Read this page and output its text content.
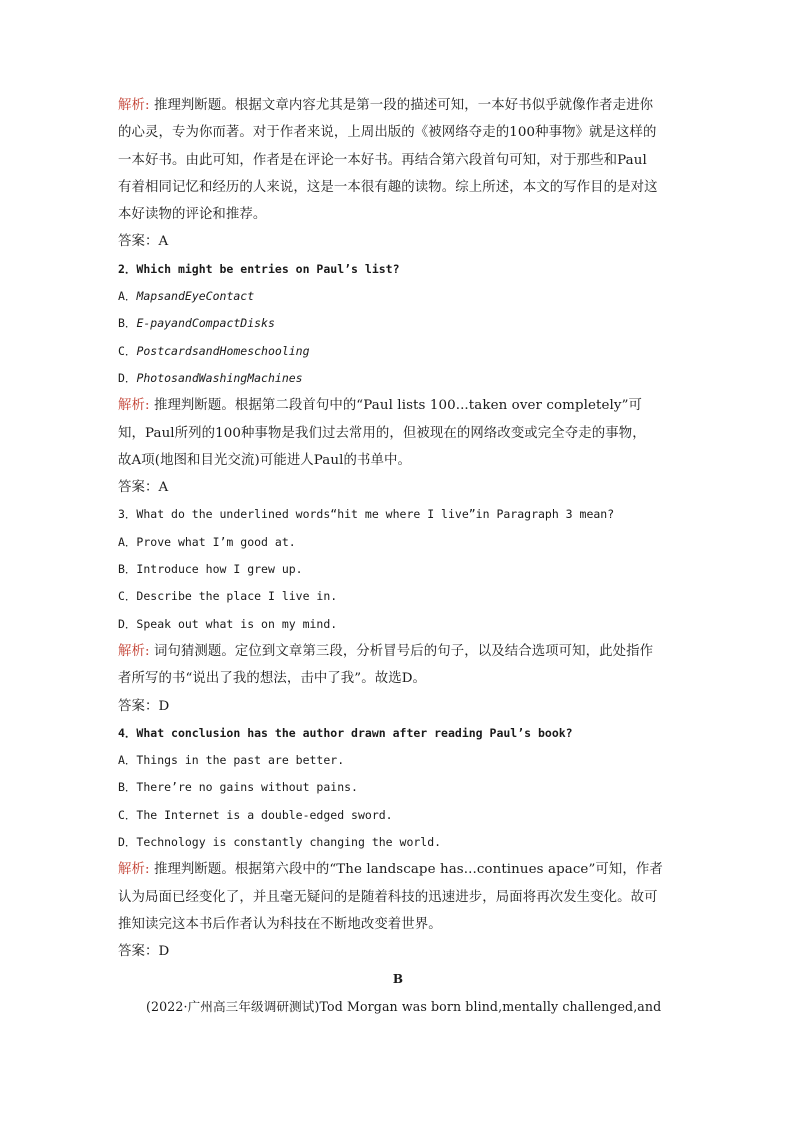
解析: 推理判断题。根据文章内容尤其是第一段的描述可知，一本好书似乎就像作者走进你
的心灵，专为你而著。对于作者来说，上周出版的《被网络夺走的100种事物》就是这样的
一本好书。由此可知，作者是在评论一本好书。再结合第六段首句可知，对于那些和Paul
有着相同记忆和经历的人来说，这是一本很有趣的读物。综上所述，本文的写作目的是对这
本好读物的评论和推荐。
答案：A
2．Which might be entries on Paul’s list?
A．MapsandEyeContact
B．E-payandCompactDisks
C．PostcardsandHomeschooling
D．PhotosandWashingMachines
解析: 推理判断题。根据第二段首句中的“Paul lists 100...taken over completely”可
知，Paul所列的100种事物是我们过去常用的，但被现在的网络改变或完全夺走的事物，
故A项(地图和目光交流)可能进人Paul的书单中。
答案：A
3．What do the underlined words“hit me where I live”in Paragraph 3 mean?
A．Prove what I’m good at.
B．Introduce how I grew up.
C．Describe the place I live in.
D．Speak out what is on my mind.
解析: 词句猜测题。定位到文章第三段，分析冒号后的句子，以及结合选项可知，此处指作
者所写的书“说出了我的想法，击中了我”。故选D。
答案：D
4．What conclusion has the author drawn after reading Paul’s book?
A．Things in the past are better.
B．There’re no gains without pains.
C．The Internet is a double-edged sword.
D．Technology is constantly changing the world.
解析: 推理判断题。根据第六段中的“The landscape has...continues apace”可知，作者
认为局面已经变化了，并且毫无疑问的是随着科技的迅速进步，局面将再次发生变化。故可
推知读完这本书后作者认为科技在不断地改变着世界。
答案：D
B
(2022·广州高三年级调研测试)Tod Morgan was born blind,mentally challenged,and
